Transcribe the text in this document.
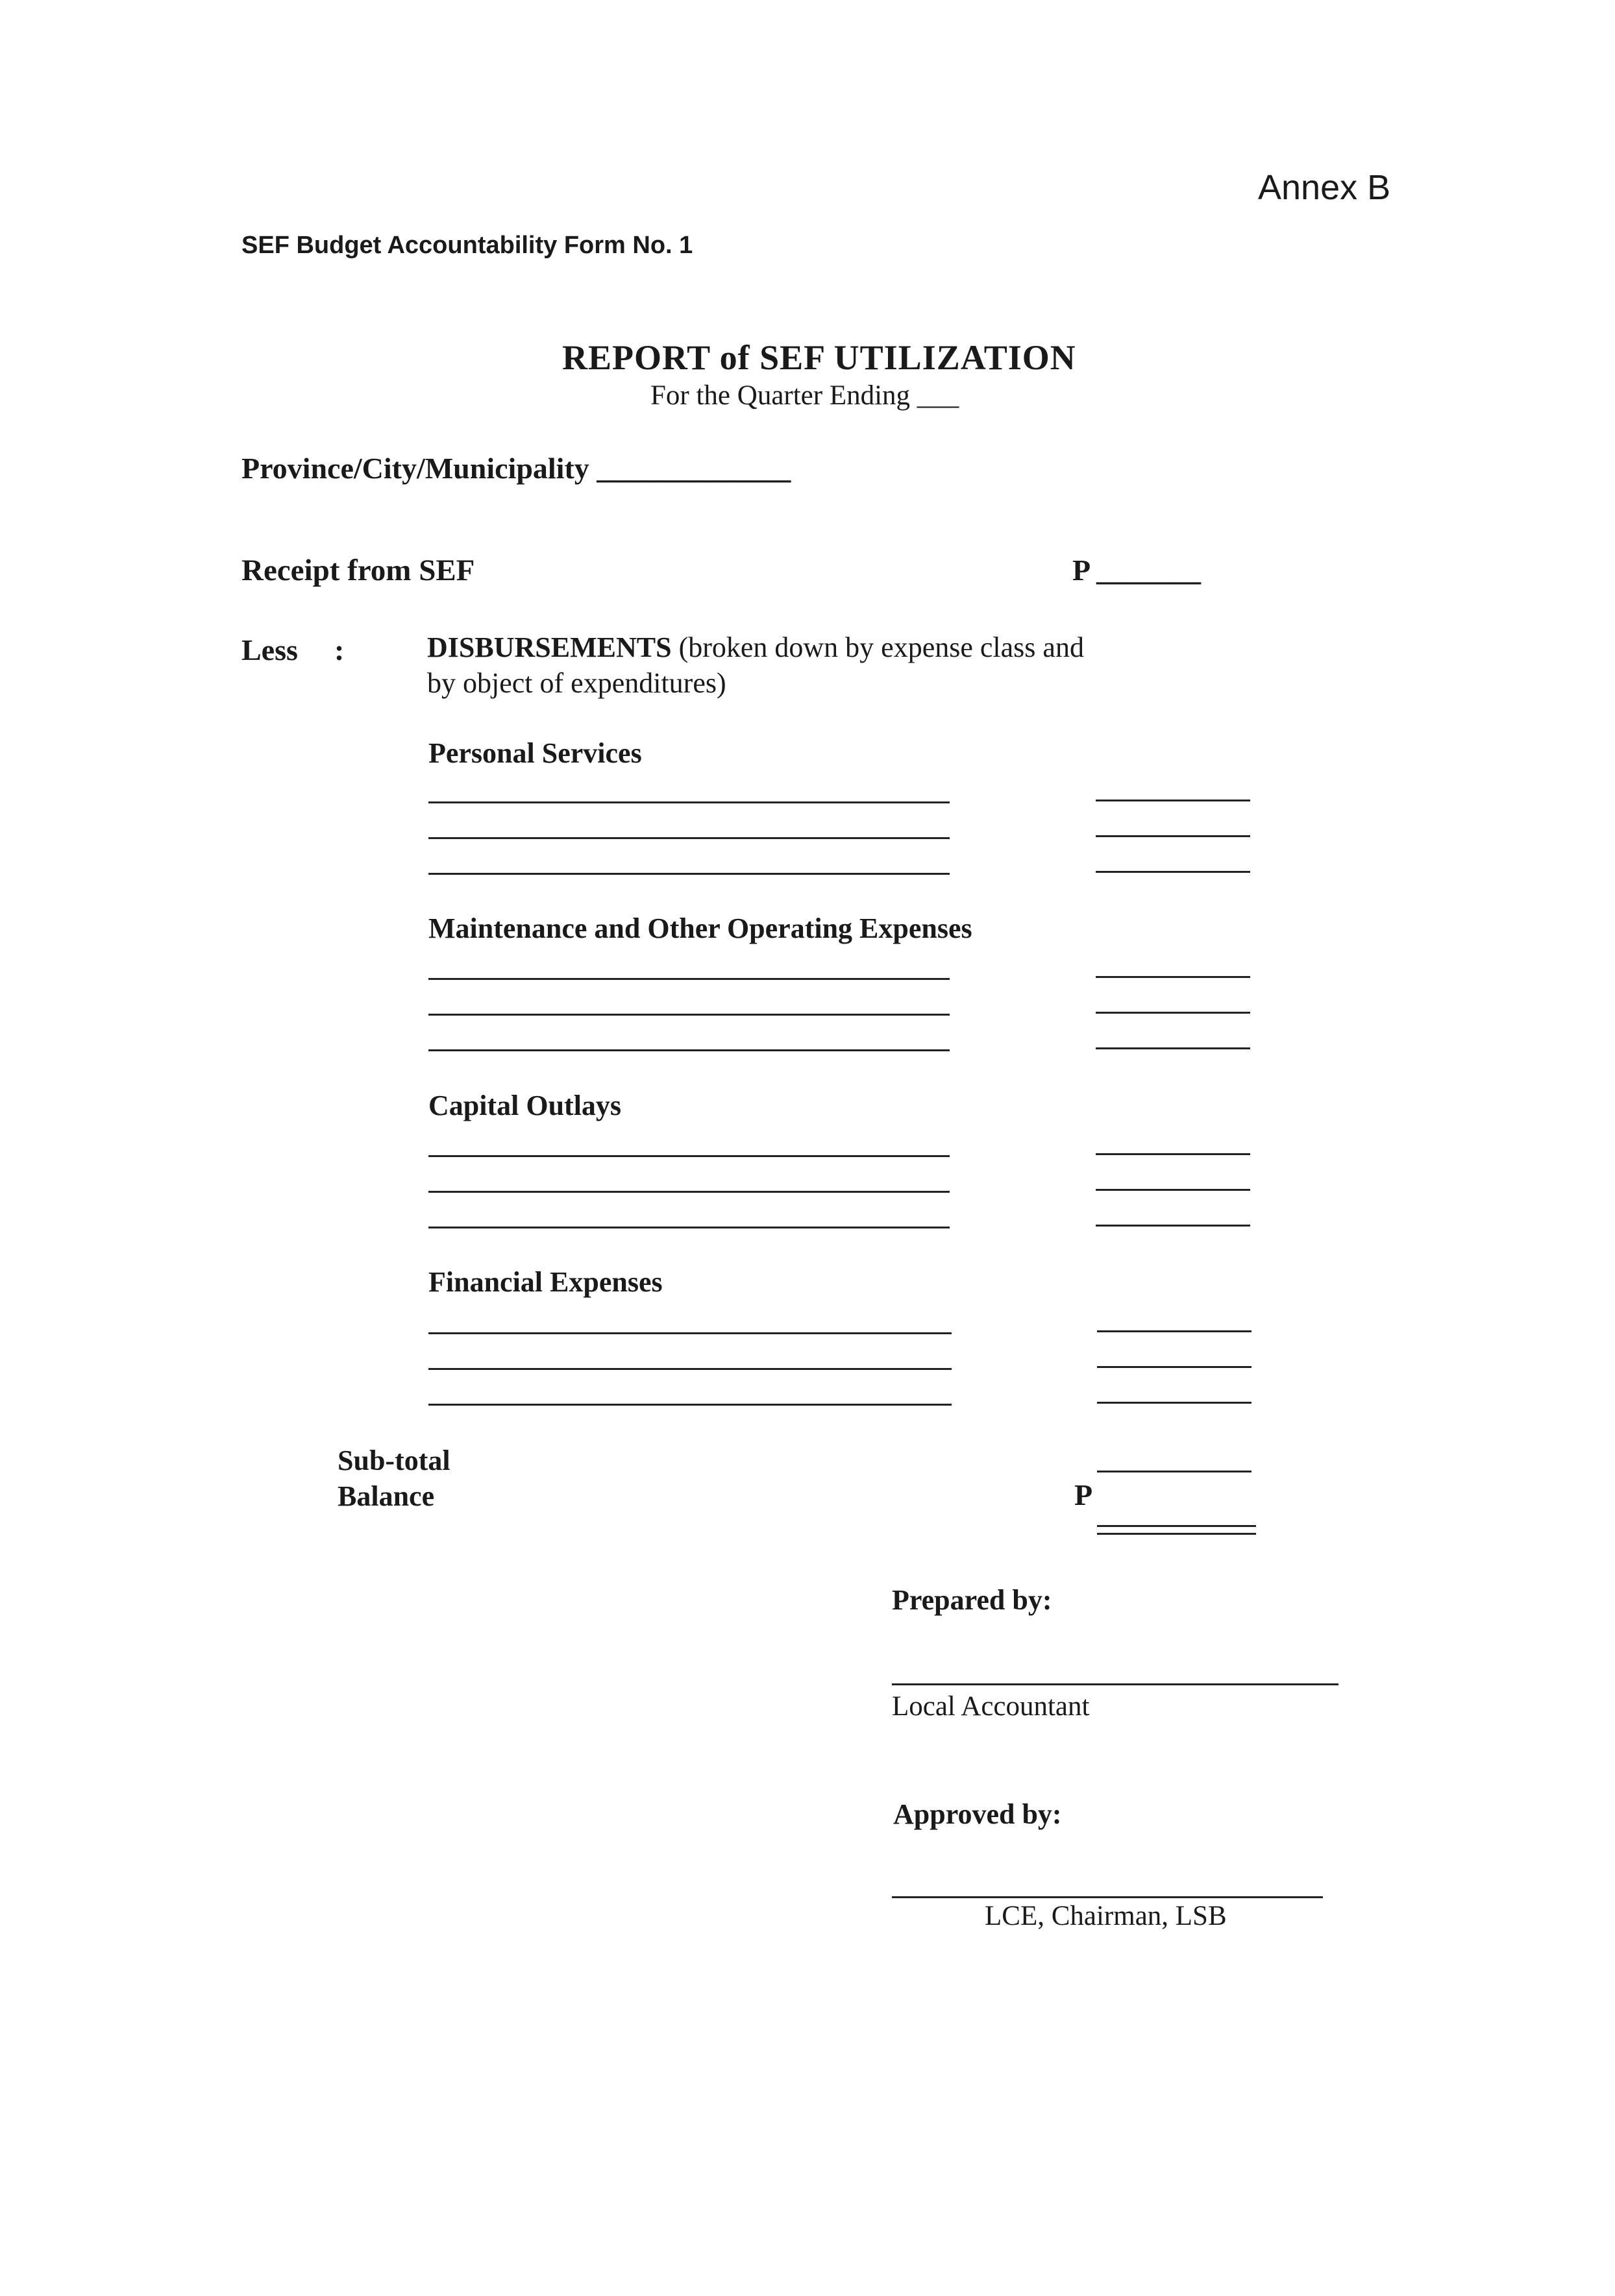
Annex B
SEF Budget Accountability Form No. 1
REPORT of SEF UTILIZATION
For the Quarter Ending ___
Province/City/Municipality _____________
Receipt from SEF	P _______
Less :	DISBURSEMENTS (broken down by expense class and
by object of expenditures)
Personal Services
Maintenance and Other Operating Expenses
Capital Outlays
Financial Expenses
Sub-total
Balance	P
Prepared by:
Local Accountant
Approved by:
LCE, Chairman, LSB
